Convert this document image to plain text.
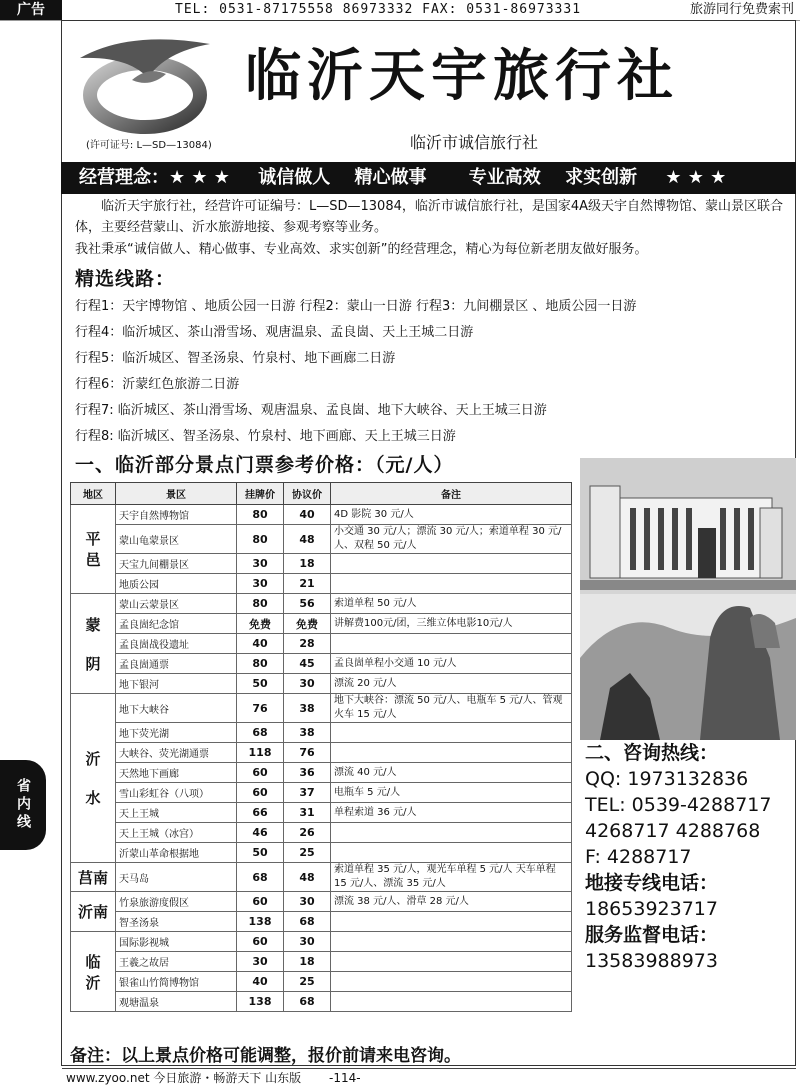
广告	TEL: 0531-87175558 86973332 FAX: 0531-86973331	旅游同行免费索刊
临沂天宇旅行社
(许可证号: L—SD—13084)	临沂市诚信旅行社
经营理念：★ ★ ★ 诚信做人 精心做事 专业高效 求实创新 ★ ★ ★
临沂天宇旅行社，经营许可证编号：L—SD—13084，临沂市诚信旅行社，是国家4A级天宇自然博物馆、蒙山景区联合体，主要经营蒙山、沂水旅游地接、参观考察等业务。
我社秉承“诚信做人、精心做事、专业高效、求实创新”的经营理念，精心为每位新老朋友做好服务。
精选线路：
行程1：天宇博物馆 、地质公园一日游 行程2：蒙山一日游 行程3：九间棚景区 、地质公园一日游
行程4：临沂城区、茶山滑雪场、观唐温泉、孟良崮、天上王城二日游
行程5：临沂城区、智圣汤泉、竹泉村、地下画廊二日游
行程6：沂蒙红色旅游二日游
行程7: 临沂城区、茶山滑雪场、观唐温泉、孟良崮、地下大峡谷、天上王城三日游
行程8: 临沂城区、智圣汤泉、竹泉村、地下画廊、天上王城三日游
一、临沂部分景点门票参考价格：（元/人）
地区	景区	挂牌价	协议价	备注
平
邑	天宇自然博物馆	80	40	4D 影院 30 元/人
	蒙山龟蒙景区	80	48	小交通 30 元/人；漂流 30 元/人；索道单程 30 元/人、双程 50 元/人
	天宝九间棚景区	30	18	
	地质公园	30	21	
蒙

阴	蒙山云蒙景区	80	56	索道单程 50 元/人
	孟良崮纪念馆	免费	免费	讲解费100元/团，三维立体电影10元/人
	孟良崮战役遗址	40	28	
	孟良崮通票	80	45	孟良崮单程小交通 10 元/人
	地下银河	50	30	漂流 20 元/人
沂

水	地下大峡谷	76	38	地下大峡谷：漂流 50 元/人、电瓶车 5 元/人、管观火车 15 元/人
	地下荧光湖	68	38	
	大峡谷、荧光湖通票	118	76	
	天然地下画廊	60	36	漂流 40 元/人
	雪山彩虹谷（八项）	60	37	电瓶车 5 元/人
	天上王城	66	31	单程索道 36 元/人
	天上王城（冰宫）	46	26	
	沂蒙山革命根据地	50	25	
莒南	天马岛	68	48	索道单程 35 元/人，观光车单程 5 元/人 天车单程 15 元/人、漂流 35 元/人
沂南	竹泉旅游度假区	60	30	漂流 38 元/人、滑草 28 元/人
	智圣汤泉	138	68	
临
沂	国际影视城	60	30	
	王羲之故居	30	18	
	银雀山竹简博物馆	40	25	
	观塘温泉	138	68	
二、咨询热线：
QQ: 1973132836
TEL: 0539-4288717
4268717 4288768
F: 4288717
地接专线电话：
18653923717
服务监督电话：
13583988973
省内线
备注：以上景点价格可能调整，报价前请来电咨询。
www.zyoo.net 今日旅游・畅游天下 山东版 -114-
